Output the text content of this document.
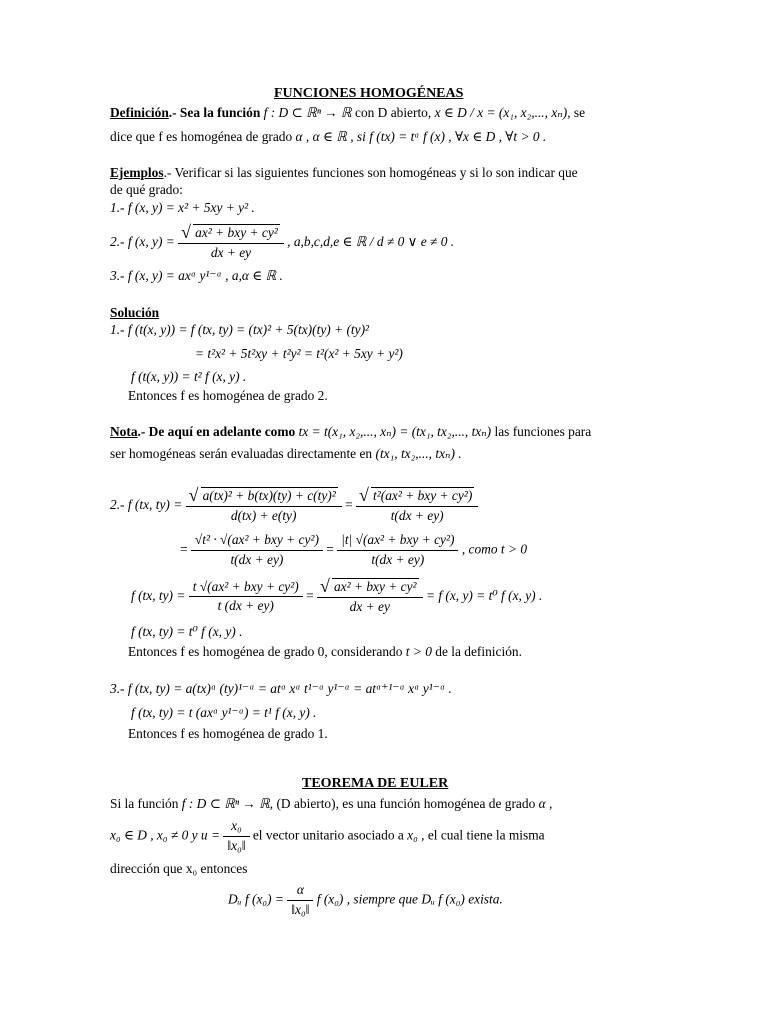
FUNCIONES HOMOGÉNEAS
Definición.- Sea la función f : D ⊂ ℝⁿ → ℝ con D abierto, x ∈ D / x = (x₁, x₂,..., xₙ), se
dice que f es homogénea de grado α , α ∈ ℝ , si f (tx) = tᵅ f (x) , ∀x ∈ D , ∀t > 0 .
Ejemplos.- Verificar si las siguientes funciones son homogéneas y si lo son indicar que
de qué grado:
1.- f (x, y) = x² + 5xy + y² .
2.- f (x, y) = √ $\frac{\text{ax² + bxy + cy²}}{dx + ey}$ , a,b,c,d,e ∈ ℝ / d ≠ 0 ∨ e ≠ 0 .
3.- f (x, y) = axᵅ y¹⁻ᵅ , a,α ∈ ℝ .
Solución
1.- f (t(x, y)) = f (tx, ty) = (tx)² + 5(tx)(ty) + (ty)²
= t²x² + 5t²xy + t²y² = t²(x² + 5xy + y²)
f (t(x, y)) = t² f (x, y) .
Entonces f es homogénea de grado 2.
Nota.- De aquí en adelante como tx = t(x₁, x₂,..., xₙ) = (tx₁, tx₂,..., txₙ) las funciones para
ser homogéneas serán evaluadas directamente en (tx₁, tx₂,..., txₙ) .
2.- f (tx, ty) = √ $\frac{\text{a(tx)² + b(tx)(ty) + c(ty)²}}{d(tx) + e(ty)}$ = √ $\frac{\text{t²(ax² + bxy + cy²)}}{t(dx + ey)}$
= $\frac{\text{√t² · √(ax² + bxy + cy²)}}{t(dx + ey)} = \frac{\text{|t| √(ax² + bxy + cy²)}}{t(dx + ey)}$ , como t > 0
f (tx, $ty) = \frac{\text{t √(ax² + bxy + cy²)}}{t (dx + ey)}$ = √ $\frac{\text{ax² + bxy + cy²}}{dx + ey} = f$ (x, y) = t⁰ f (x, y) .
f (tx, ty) = t⁰ f (x, y) .
Entonces f es homogénea de grado 0, considerando t > 0 de la definición.
3.- f (tx, ty) = a(tx)ᵅ (ty)¹⁻ᵅ = atᵅ xᵅ t¹⁻ᵅ y¹⁻ᵅ = atᵅ⁺¹⁻ᵅ xᵅ y¹⁻ᵅ .
f (tx, ty) = t (axᵅ y¹⁻ᵅ) = t¹ f (x, y) .
Entonces f es homogénea de grado 1.
TEOREMA DE EULER
Si la función f : D ⊂ ℝⁿ → ℝ, (D abierto), es una función homogénea de grado α ,
x₀ ∈ D , x₀ ≠ 0 y $u = \frac{\text{x₀}}{\text{‖x₀‖}}$ el vector unitario asociado a x₀ , el cual tiene la misma
dirección que x₀ entonces
Dᵤ f $(x_0) = \frac{\alpha}{\text{‖x₀‖}}$ f (x₀) , siempre que Dᵤ f (x₀) exista.
